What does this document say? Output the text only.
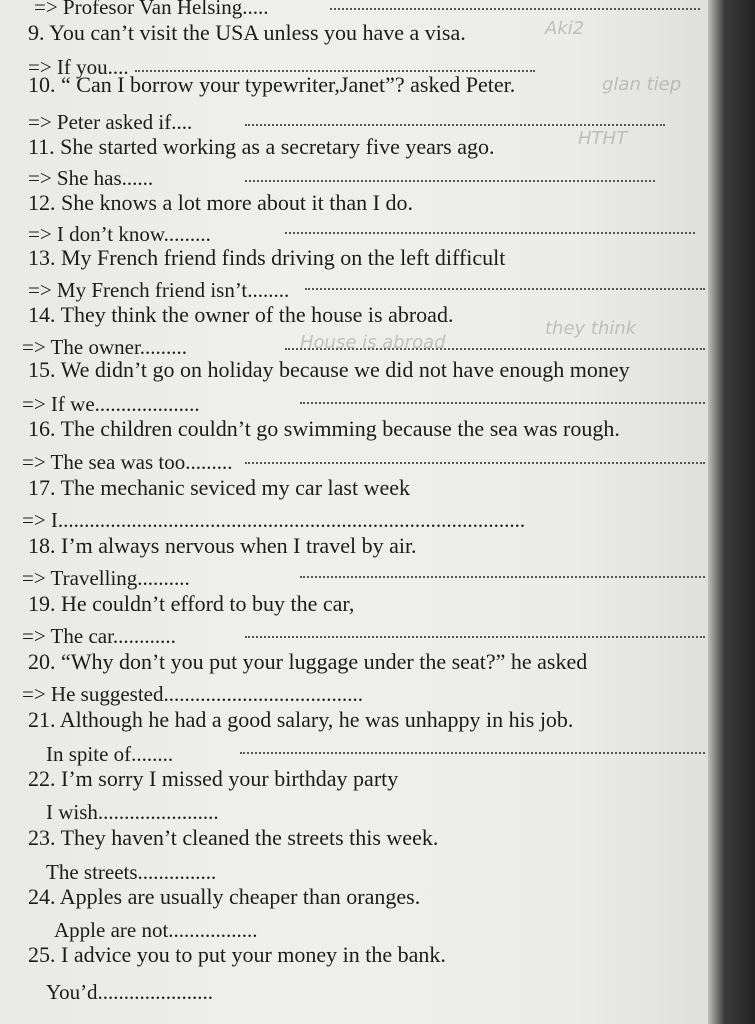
=> Profesor Van Helsing.....
9. You can’t visit the USA unless you have a visa.	Aki2
=> If you....
10. “ Can I borrow your typewriter,Janet”? asked Peter.	glan tiep
=> Peter asked if....
11. She started working as a secretary five years ago.	HTHT
=> She has......
12. She knows a lot more about it than I do.
=> I don’t know.........
13. My French friend finds driving on the left difficult
=> My French friend isn’t........
14. They think the owner of the house is abroad.
=> The owner.........	House is abroad
they think
15. We didn’t go on holiday because we did not have enough money
=> If we....................
16. The children couldn’t go swimming because the sea was rough.
=> The sea was too.........
17. The mechanic seviced my car last week
=> I.........................................................................................
18. I’m always nervous when I travel by air.
=> Travelling..........
19. He couldn’t efford to buy the car,
=> The car............
20. “Why don’t you put your luggage under the seat?” he asked
=> He suggested......................................
21. Although he had a good salary, he was unhappy in his job.
In spite of........
22. I’m sorry I missed your birthday party
I wish.......................
23. They haven’t cleaned the streets this week.
The streets...............
24. Apples are usually cheaper than oranges.
Apple are not.................
25. I advice you to put your money in the bank.
You’d......................
